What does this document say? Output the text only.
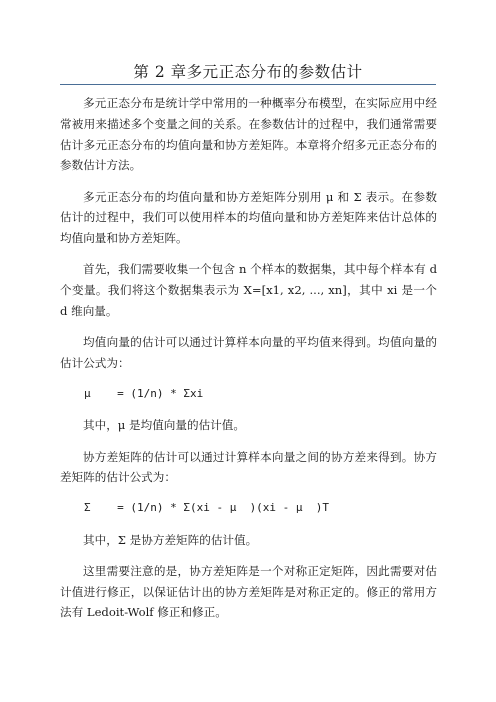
第 2 章多元正态分布的参数估计

多元正态分布是统计学中常用的一种概率分布模型，在实际应用中经常被用来描述多个变量之间的关系。在参数估计的过程中，我们通常需要估计多元正态分布的均值向量和协方差矩阵。本章将介绍多元正态分布的参数估计方法。

多元正态分布的均值向量和协方差矩阵分别用 μ 和 Σ 表示。在参数估计的过程中，我们可以使用样本的均值向量和协方差矩阵来估计总体的均值向量和协方差矩阵。

首先，我们需要收集一个包含 n 个样本的数据集，其中每个样本有 d 个变量。我们将这个数据集表示为 X=[x1, x2, ..., xn]，其中 xi 是一个 d 维向量。

均值向量的估计可以通过计算样本向量的平均值来得到。均值向量的估计公式为：

μ    = (1/n) * Σxi

其中，μ 是均值向量的估计值。

协方差矩阵的估计可以通过计算样本向量之间的协方差来得到。协方差矩阵的估计公式为：

Σ    = (1/n) * Σ(xi - μ  )(xi - μ  )T

其中，Σ 是协方差矩阵的估计值。

这里需要注意的是，协方差矩阵是一个对称正定矩阵，因此需要对估计值进行修正，以保证估计出的协方差矩阵是对称正定的。修正的常用方法有 Ledoit-Wolf 修正和修正。
